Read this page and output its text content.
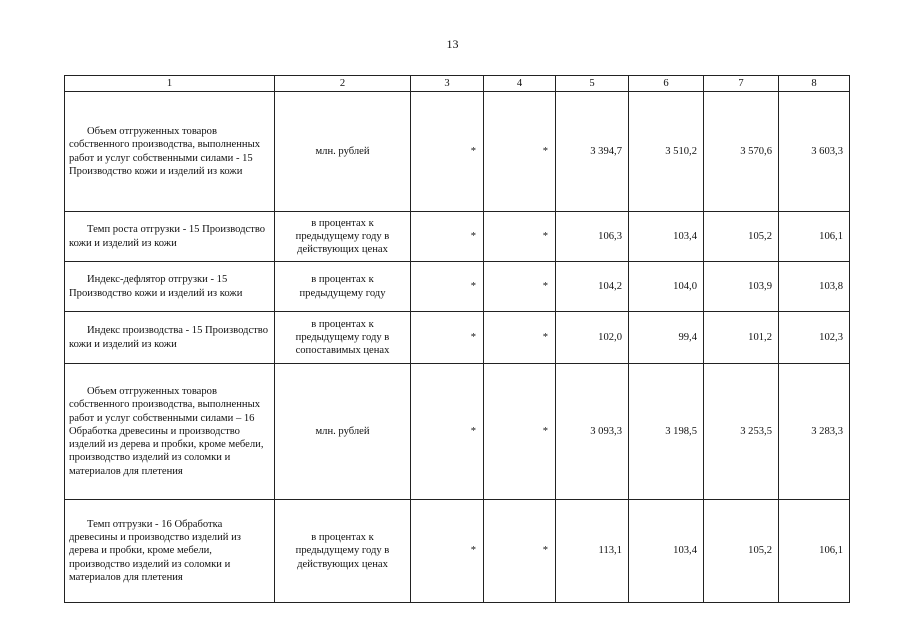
13
1	2	3	4	5	6	7	8
Объем отгруженных товаров собственного производства, выполненных работ и услуг собственными силами - 15 Производство кожи и изделий из кожи	млн. рублей	*	*	3 394,7	3 510,2	3 570,6	3 603,3
Темп роста отгрузки - 15 Производство кожи и изделий из кожи	в процентах к предыдущему году в действующих ценах	*	*	106,3	103,4	105,2	106,1
Индекс-дефлятор отгрузки - 15 Производство кожи и изделий из кожи	в процентах к предыдущему году	*	*	104,2	104,0	103,9	103,8
Индекс производства - 15 Производство кожи и изделий из кожи	в процентах к предыдущему году в сопоставимых ценах	*	*	102,0	99,4	101,2	102,3
Объем отгруженных товаров собственного производства, выполненных работ и услуг собственными силами – 16 Обработка древесины и производство изделий из дерева и пробки, кроме мебели, производство изделий из соломки и материалов для плетения	млн. рублей	*	*	3 093,3	3 198,5	3 253,5	3 283,3
Темп отгрузки - 16 Обработка древесины и производство изделий из дерева и пробки, кроме мебели, производство изделий из соломки и материалов для плетения	в процентах к предыдущему году в действующих ценах	*	*	113,1	103,4	105,2	106,1
